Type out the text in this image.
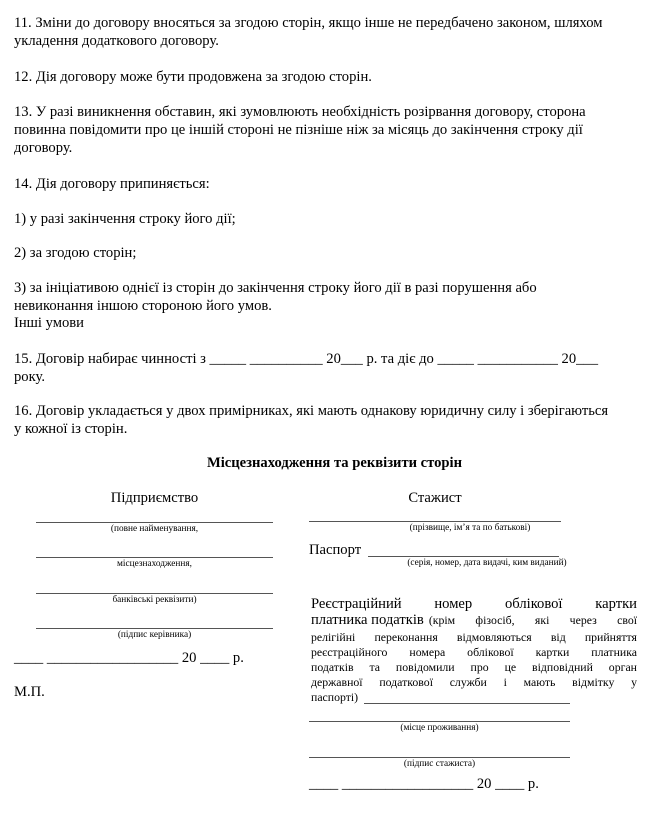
11. Зміни до договору вносяться за згодою сторін, якщо інше не передбачено законом, шляхом
укладення додаткового договору.
12. Дія договору може бути продовжена за згодою сторін.
13. У разі виникнення обставин, які зумовлюють необхідність розірвання договору, сторона
повинна повідомити про це іншій стороні не пізніше ніж за місяць до закінчення строку дії
договору.
14. Дія договору припиняється:
1) у разі закінчення строку його дії;
2) за згодою сторін;
3) за ініціативою однієї із сторін до закінчення строку його дії в разі порушення або
невиконання іншою стороною його умов.
Інші умови
15. Договір набирає чинності з _____ __________ 20___ р. та діє до _____ ___________ 20___
року.
16. Договір укладається у двох примірниках, які мають однакову юридичну силу і зберігаються
у кожної із сторін.
Місцезнаходження та реквізити сторін
Підприємство
(повне найменування,
місцезнаходження,
банківські реквізити)
(підпис керівника)
____ __________________ 20 ____ р.
М.П.
Стажист
(прізвище, ім’я та по батькові)
Паспорт
(серія, номер, дата видачі, ким виданий)
Реєстраційний номер облікової картки
платника податків (крім фізосіб, які через свої
релігійні переконання відмовляються від прийняття
реєстраційного номера облікової картки платника
податків та повідомили про це відповідний орган
державної податкової служби і мають відмітку у
паспорті)
(місце проживання)
(підпис стажиста)
____ __________________ 20 ____ р.
